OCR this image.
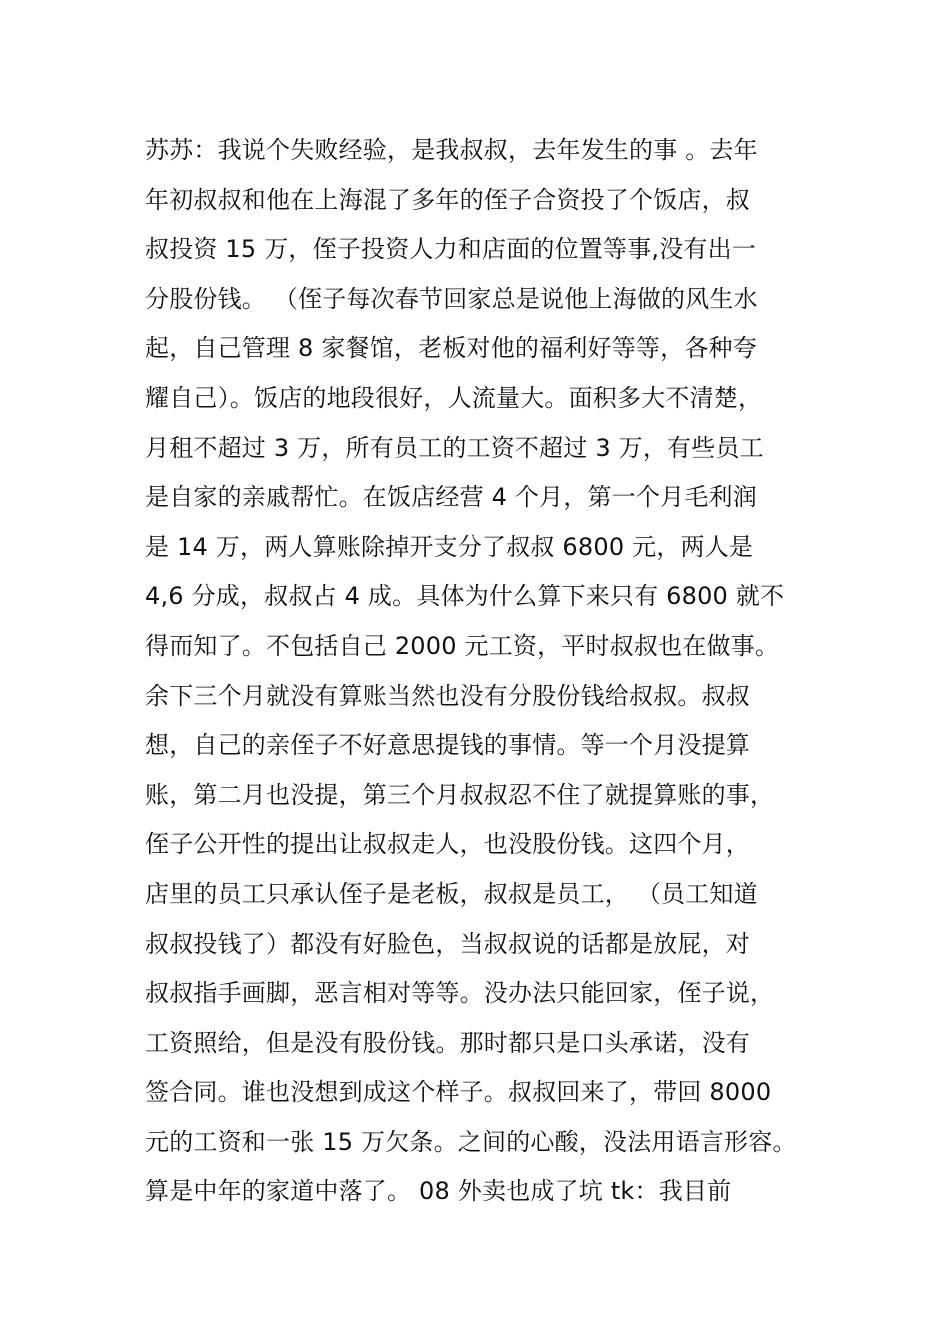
苏苏：我说个失败经验，是我叔叔，去年发生的事 。去年
年初叔叔和他在上海混了多年的侄子合资投了个饭店，叔
叔投资 15 万，侄子投资人力和店面的位置等事,没有出一
分股份钱。 （侄子每次春节回家总是说他上海做的风生水
起，自己管理 8 家餐馆，老板对他的福利好等等，各种夸
耀自己）。饭店的地段很好，人流量大。面积多大不清楚，
月租不超过 3 万，所有员工的工资不超过 3 万，有些员工
是自家的亲戚帮忙。在饭店经营 4 个月，第一个月毛利润
是 14 万，两人算账除掉开支分了叔叔 6800 元，两人是
4,6 分成，叔叔占 4 成。具体为什么算下来只有 6800 就不
得而知了。不包括自己 2000 元工资，平时叔叔也在做事。
余下三个月就没有算账当然也没有分股份钱给叔叔。叔叔
想，自己的亲侄子不好意思提钱的事情。等一个月没提算
账，第二月也没提，第三个月叔叔忍不住了就提算账的事，
侄子公开性的提出让叔叔走人，也没股份钱。这四个月，
店里的员工只承认侄子是老板，叔叔是员工， （员工知道
叔叔投钱了）都没有好脸色，当叔叔说的话都是放屁，对
叔叔指手画脚，恶言相对等等。没办法只能回家，侄子说，
工资照给，但是没有股份钱。那时都只是口头承诺，没有
签合同。谁也没想到成这个样子。叔叔回来了，带回 8000
元的工资和一张 15 万欠条。之间的心酸，没法用语言形容。
算是中年的家道中落了。 08 外卖也成了坑 tk：我目前
